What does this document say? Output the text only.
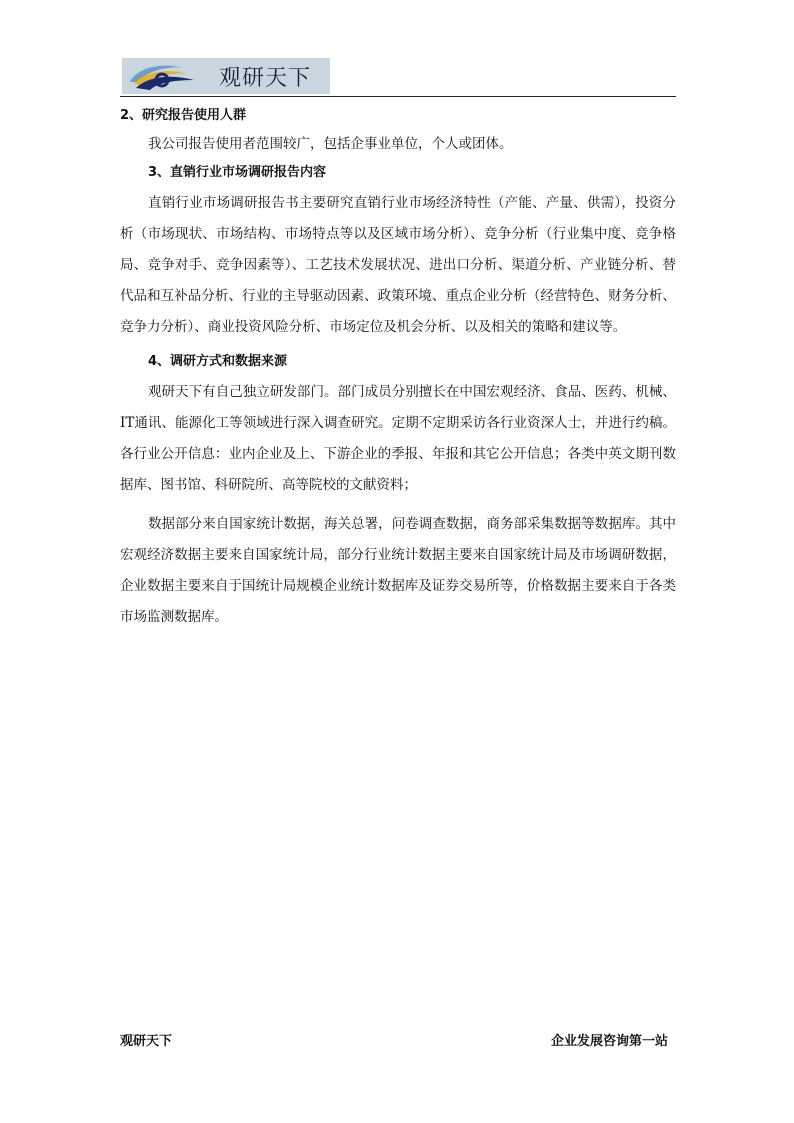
观研天下
2、研究报告使用人群
我公司报告使用者范围较广，包括企事业单位，个人或团体。
3、直销行业市场调研报告内容
直销行业市场调研报告书主要研究直销行业市场经济特性（产能、产量、供需），投资分析（市场现状、市场结构、市场特点等以及区域市场分析）、竞争分析（行业集中度、竞争格局、竞争对手、竞争因素等）、工艺技术发展状况、进出口分析、渠道分析、产业链分析、替代品和互补品分析、行业的主导驱动因素、政策环境、重点企业分析（经营特色、财务分析、竞争力分析）、商业投资风险分析、市场定位及机会分析、以及相关的策略和建议等。
4、调研方式和数据来源
观研天下有自己独立研发部门。部门成员分别擅长在中国宏观经济、食品、医药、机械、IT通讯、能源化工等领域进行深入调查研究。定期不定期采访各行业资深人士，并进行约稿。各行业公开信息：业内企业及上、下游企业的季报、年报和其它公开信息；各类中英文期刊数据库、图书馆、科研院所、高等院校的文献资料；
数据部分来自国家统计数据，海关总署，问卷调查数据，商务部采集数据等数据库。其中宏观经济数据主要来自国家统计局，部分行业统计数据主要来自国家统计局及市场调研数据，企业数据主要来自于国统计局规模企业统计数据库及证券交易所等，价格数据主要来自于各类市场监测数据库。
观研天下	企业发展咨询第一站
